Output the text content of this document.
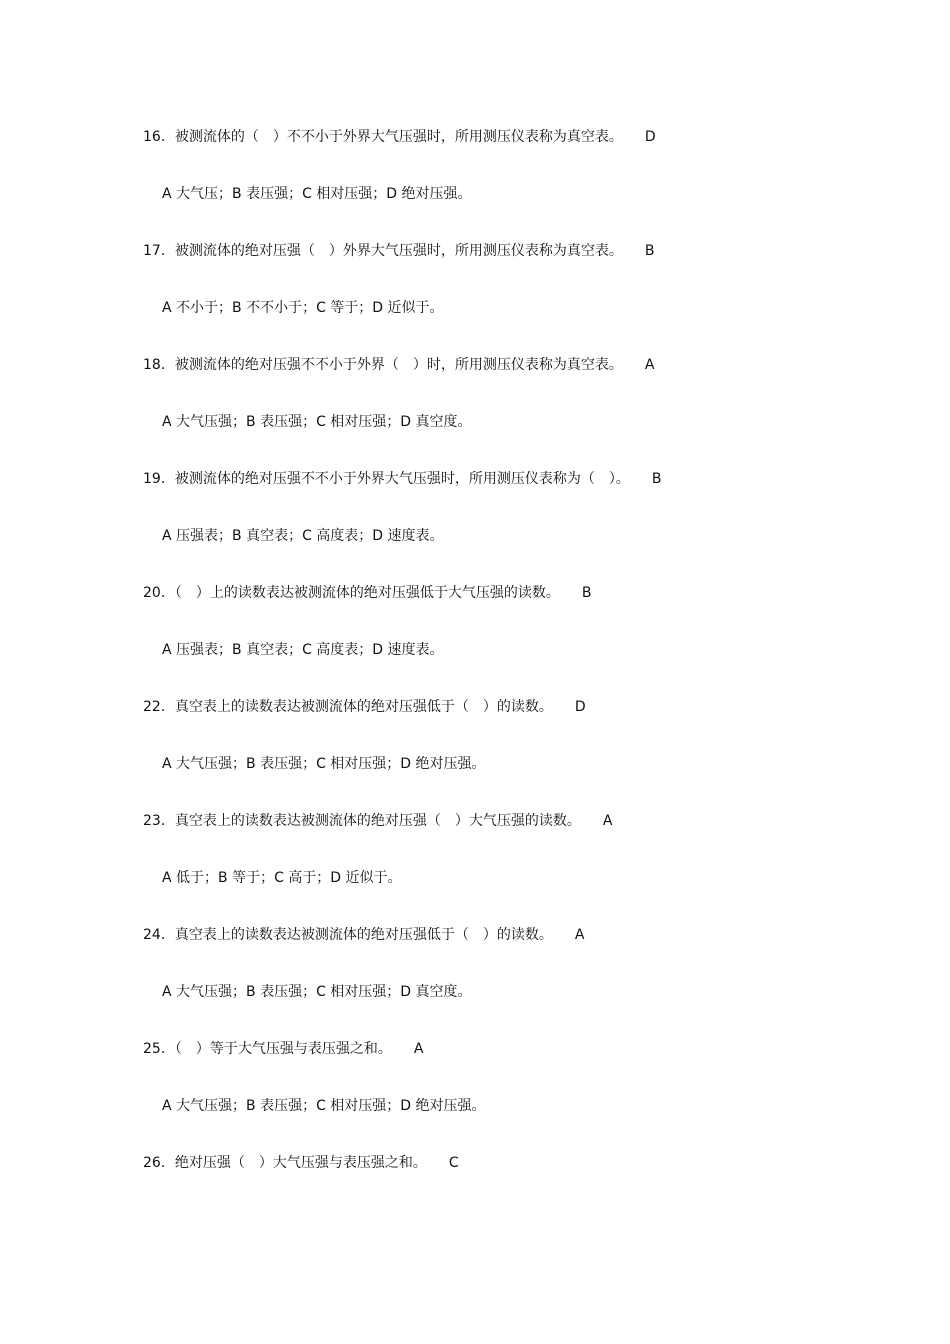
16．被测流体的（　）不不小于外界大气压强时，所用测压仪表称为真空表。 D
A 大气压；B 表压强；C 相对压强；D 绝对压强。
17．被测流体的绝对压强（　）外界大气压强时，所用测压仪表称为真空表。 B
A 不小于；B 不不小于；C 等于；D 近似于。
18．被测流体的绝对压强不不小于外界（　）时，所用测压仪表称为真空表。 A
A 大气压强；B 表压强；C 相对压强；D 真空度。
19．被测流体的绝对压强不不小于外界大气压强时，所用测压仪表称为（　）。 B
A 压强表；B 真空表；C 高度表；D 速度表。
20．（　）上的读数表达被测流体的绝对压强低于大气压强的读数。 B
A 压强表；B 真空表；C 高度表；D 速度表。
22．真空表上的读数表达被测流体的绝对压强低于（　）的读数。 D
A 大气压强；B 表压强；C 相对压强；D 绝对压强。
23．真空表上的读数表达被测流体的绝对压强（　）大气压强的读数。 A
A 低于；B 等于；C 高于；D 近似于。
24．真空表上的读数表达被测流体的绝对压强低于（　）的读数。 A
A 大气压强；B 表压强；C 相对压强；D 真空度。
25．（　）等于大气压强与表压强之和。 A
A 大气压强；B 表压强；C 相对压强；D 绝对压强。
26．绝对压强（　）大气压强与表压强之和。 C
